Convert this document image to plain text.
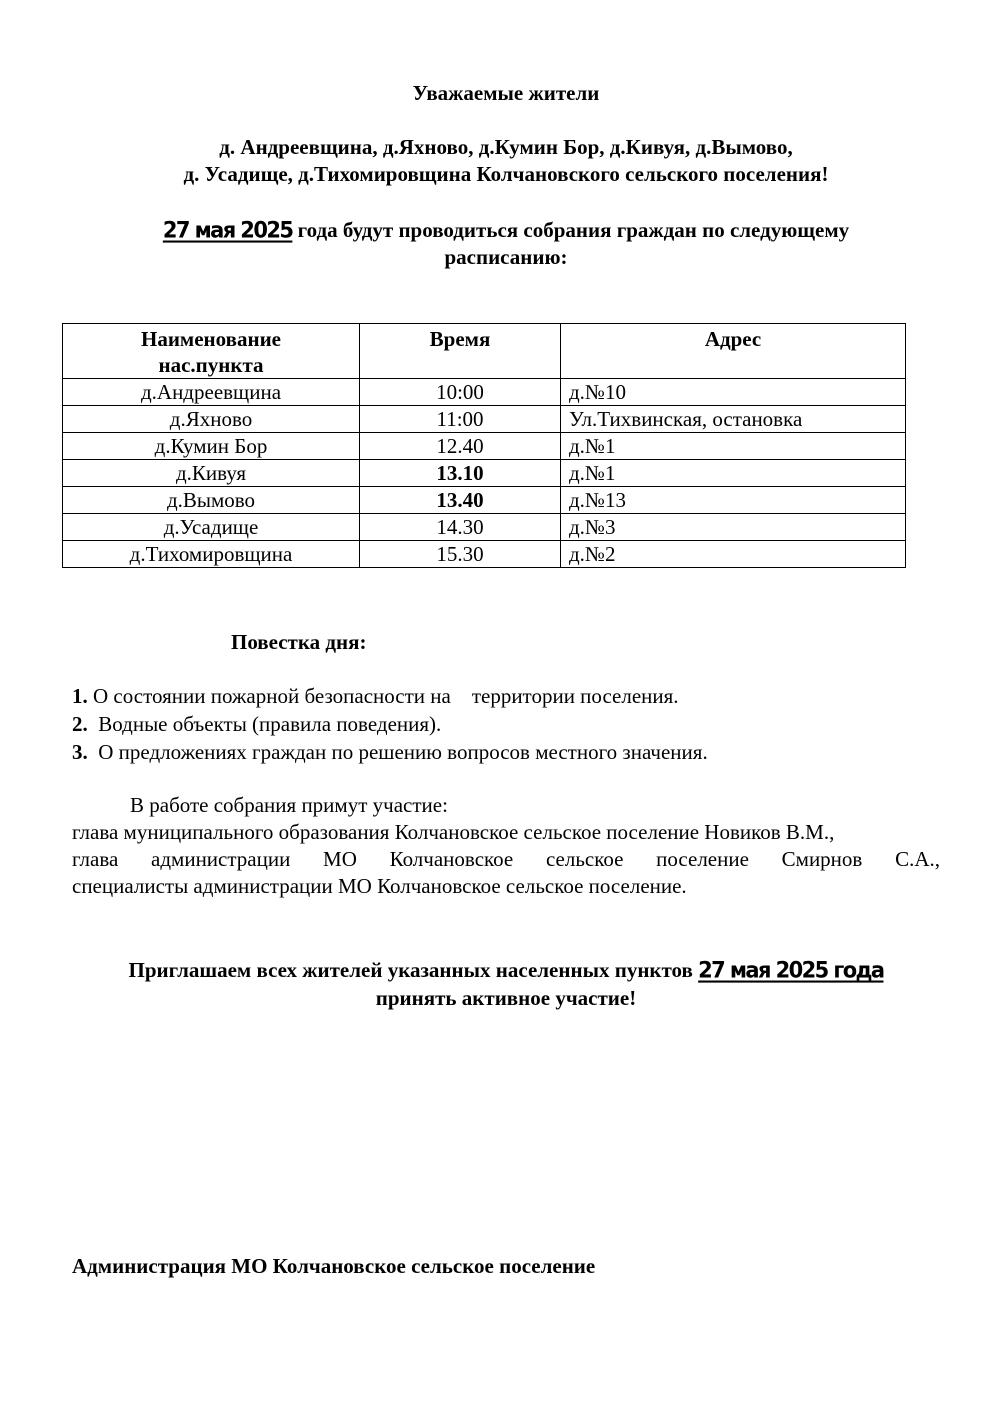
Уважаемые жители
д. Андреевщина, д.Яхново, д.Кумин Бор, д.Кивуя, д.Вымово,
д. Усадище, д.Тихомировщина Колчановского сельского поселения!
27 мая 2025 года будут проводиться собрания граждан по следующему
расписанию:
Наименование
нас.пункта	Время	Адрес
д.Андреевщина	10:00	д.№10
д.Яхново	11:00	Ул.Тихвинская, остановка
д.Кумин Бор	12.40	д.№1
д.Кивуя	13.10	д.№1
д.Вымово	13.40	д.№13
д.Усадище	14.30	д.№3
д.Тихомировщина	15.30	д.№2
Повестка дня:
1. О состоянии пожарной безопасности на    территории поселения.
2.  Водные объекты (правила поведения).
3.  О предложениях граждан по решению вопросов местного значения.
В работе собрания примут участие:
глава муниципального образования Колчановское сельское поселение Новиков В.М.,
глава администрации МО Колчановское сельское поселение Смирнов С.А.,
специалисты администрации МО Колчановское сельское поселение.
Приглашаем всех жителей указанных населенных пунктов 27 мая 2025 года
принять активное участие!
Администрация МО Колчановское сельское поселение
